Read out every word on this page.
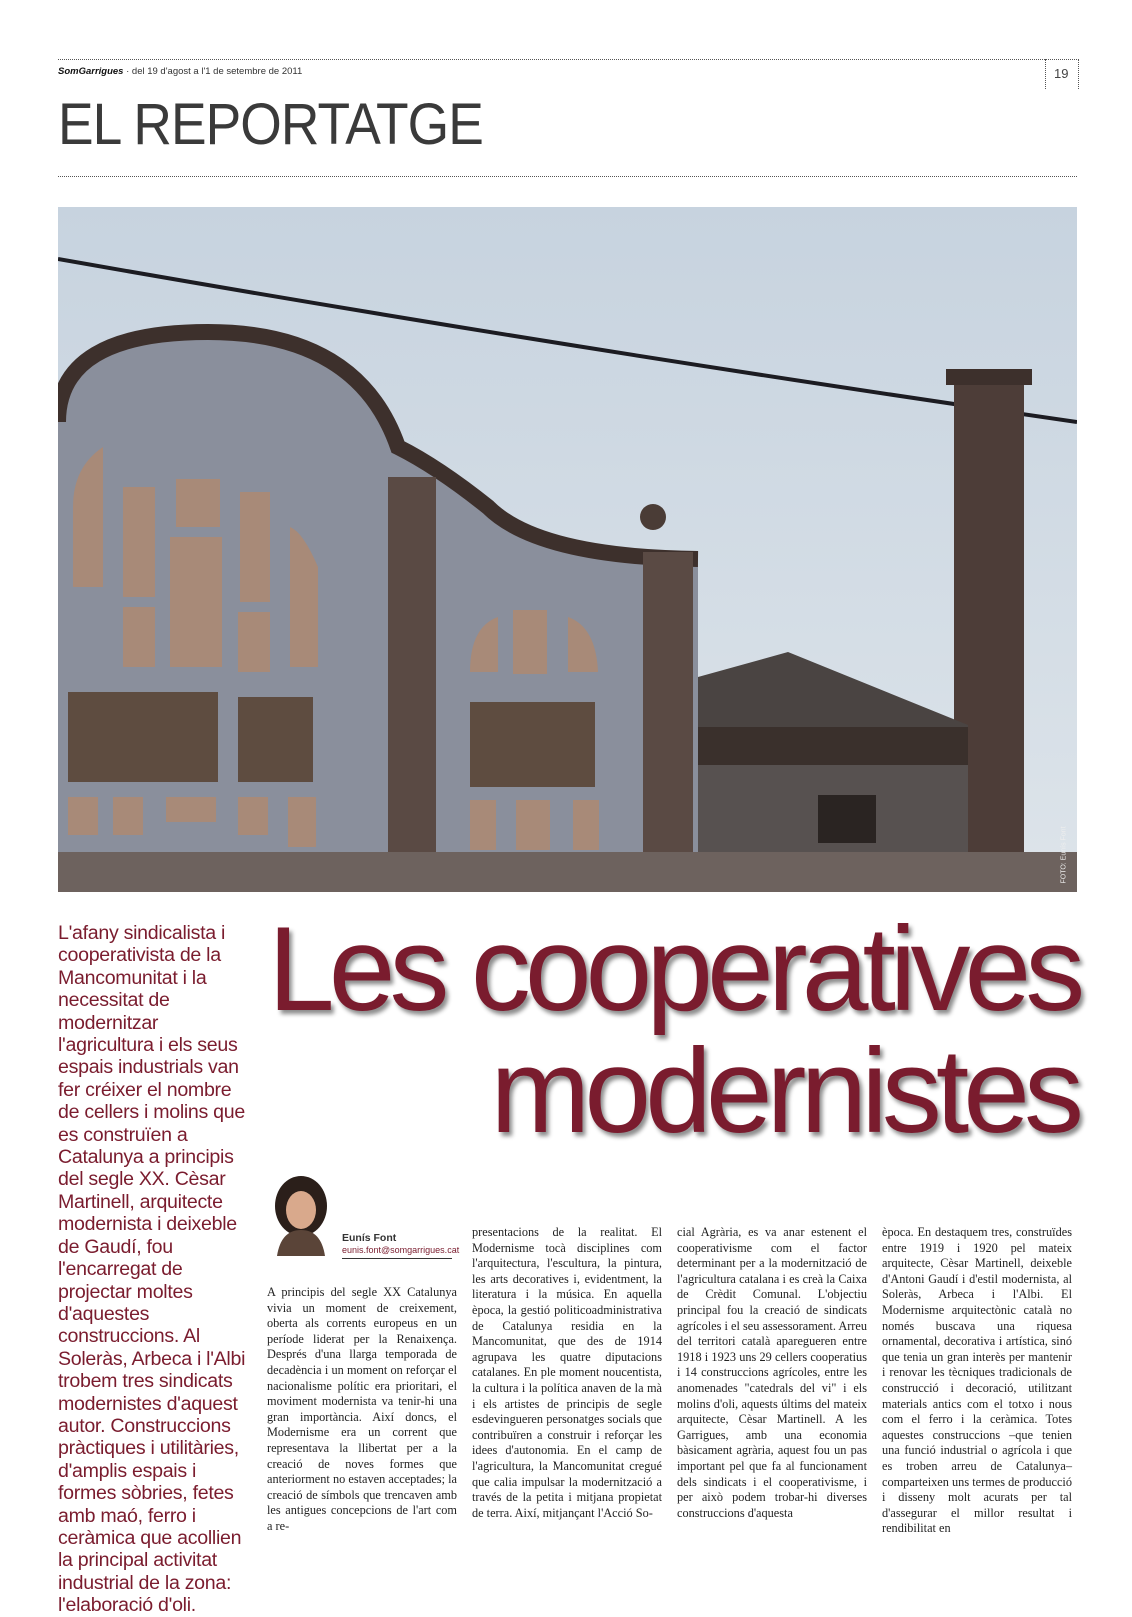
SomGarrigues · del 19 d'agost a l'1 de setembre de 2011	19
EL REPORTATGE
FOTO: Eunís Font
L'afany sindicalista i cooperativista de la Mancomunitat i la necessitat de modernitzar l'agricultura i els seus espais industrials van fer créixer el nombre de cellers i molins que es construïen a Catalunya a principis del segle XX. Cèsar Martinell, arquitecte modernista i deixeble de Gaudí, fou l'encarregat de projectar moltes d'aquestes construccions. Al Soleràs, Arbeca i l'Albi trobem tres sindicats modernistes d'aquest autor. Construccions pràctiques i utilitàries, d'amplis espais i formes sòbries, fetes amb maó, ferro i ceràmica que acollien la principal activitat industrial de la zona: l'elaboració d'oli.
Les cooperatives
modernistes
Eunís Font
eunis.font@somgarrigues.cat

A principis del segle XX Catalunya vivia un moment de creixement, oberta als corrents europeus en un període liderat per la Renaixença. Després d'una llarga temporada de decadència i un moment on reforçar el nacionalisme polític era prioritari, el moviment modernista va tenir-hi una gran importància. Així doncs, el Modernisme era un corrent que representava la llibertat per a la creació de noves formes que anteriorment no estaven acceptades; la creació de símbols que trencaven amb les antigues concepcions de l'art com a re-

presentacions de la realitat. El Modernisme tocà disciplines com l'arquitectura, l'escultura, la pintura, les arts decoratives i, evidentment, la literatura i la música. En aquella època, la gestió politicoadministrativa de Catalunya residia en la Mancomunitat, que des de 1914 agrupava les quatre diputacions catalanes. En ple moment noucentista, la cultura i la política anaven de la mà i els artistes de principis de segle esdevingueren personatges socials que contribuïren a construir i reforçar les idees d'autonomia. En el camp de l'agricultura, la Mancomunitat cregué que calia impulsar la modernització a través de la petita i mitjana propietat de terra. Així, mitjançant l'Acció So-

cial Agrària, es va anar estenent el cooperativisme com el factor determinant per a la modernització de l'agricultura catalana i es creà la Caixa de Crèdit Comunal. L'objectiu principal fou la creació de sindicats agrícoles i el seu assessorament. Arreu del territori català aparegueren entre 1918 i 1923 uns 29 cellers cooperatius i 14 construccions agrícoles, entre les anomenades "catedrals del vi" i els molins d'oli, aquests últims del mateix arquitecte, Cèsar Martinell. A les Garrigues, amb una economia bàsicament agrària, aquest fou un pas important pel que fa al funcionament dels sindicats i el cooperativisme, i per això podem trobar-hi diverses construccions d'aquesta

època. En destaquem tres, construïdes entre 1919 i 1920 pel mateix arquitecte, Cèsar Martinell, deixeble d'Antoni Gaudí i d'estil modernista, al Soleràs, Arbeca i l'Albi. El Modernisme arquitectònic català no només buscava una riquesa ornamental, decorativa i artística, sinó que tenia un gran interès per mantenir i renovar les tècniques tradicionals de construcció i decoració, utilitzant materials antics com el totxo i nous com el ferro i la ceràmica. Totes aquestes construccions –que tenien una funció industrial o agrícola i que es troben arreu de Catalunya– comparteixen uns termes de producció i disseny molt acurats per tal d'assegurar el millor resultat i rendibilitat en
